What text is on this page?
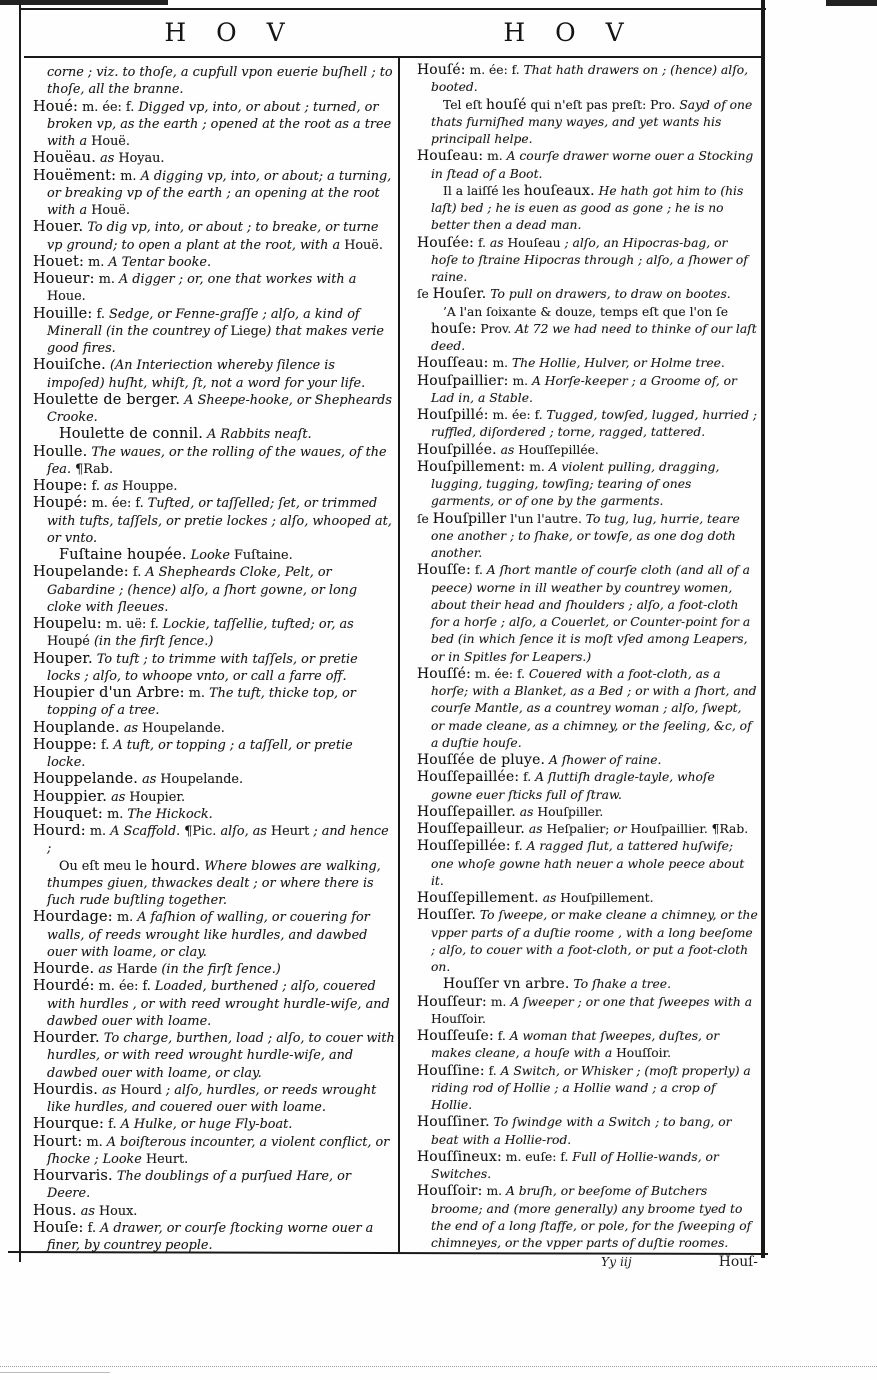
H O V	H O V
corne ; viz. to thoſe, a cupfull vpon euerie buſhell ; to thoſe, all the branne.
Houé: m. ée: f. Digged vp, into, or about ; turned, or broken vp, as the earth ; opened at the root as a tree with a Houë.
Houëau. as Hoyau.
Houëment: m. A digging vp, into, or about; a turning, or breaking vp of the earth ; an opening at the root with a Houë.
Houer. To dig vp, into, or about ; to breake, or turne vp ground; to open a plant at the root, with a Houë.
Houet: m. A Tentar booke.
Houeur: m. A digger ; or, one that workes with a Houe.
Houille: f. Sedge, or Fenne-graſſe ; alſo, a kind of Minerall (in the countrey of Liege) that makes verie good fires.
Houiſche. (An Interiection whereby ſilence is impoſed) huſht, whiſt, ſt, not a word for your life.
Houlette de berger. A Sheepe-hooke, or Shepheards Crooke.
Houlette de connil. A Rabbits neaſt.
Houlle. The waues, or the rolling of the waues, of the ſea. ¶Rab.
Houpe: f. as Houppe.
Houpé: m. ée: f. Tufted, or taſſelled; ſet, or trimmed with tufts, taſſels, or pretie lockes ; alſo, whooped at, or vnto.
Fuſtaine houpée. Looke Fuſtaine.
Houpelande: f. A Shepheards Cloke, Pelt, or Gabardine ; (hence) alſo, a ſhort gowne, or long cloke with ſleeues.
Houpelu: m. uë: f. Lockie, taſſellie, tufted; or, as Houpé (in the firſt ſence.)
Houper. To tuft ; to trimme with taſſels, or pretie locks ; alſo, to whoope vnto, or call a farre off.
Houpier d'un Arbre: m. The tuft, thicke top, or topping of a tree.
Houplande. as Houpelande.
Houppe: f. A tuft, or topping ; a taſſell, or pretie locke.
Houppelande. as Houpelande.
Houppier. as Houpier.
Houquet: m. The Hickock.
Hourd: m. A Scaffold. ¶Pic. alſo, as Heurt ; and hence ;
Ou eſt meu le hourd. Where blowes are walking, thumpes giuen, thwackes dealt ; or where there is ſuch rude buſtling together.
Hourdage: m. A faſhion of walling, or couering for walls, of reeds wrought like hurdles, and dawbed ouer with loame, or clay.
Hourde. as Harde (in the firſt ſence.)
Hourdé: m. ée: f. Loaded, burthened ; alſo, couered with hurdles , or with reed wrought hurdle-wiſe, and dawbed ouer with loame.
Hourder. To charge, burthen, load ; alſo, to couer with hurdles, or with reed wrought hurdle-wiſe, and dawbed ouer with loame, or clay.
Hourdis. as Hourd ; alſo, hurdles, or reeds wrought like hurdles, and couered ouer with loame.
Hourque: f. A Hulke, or huge Fly-boat.
Hourt: m. A boiſterous incounter, a violent conflict, or ſhocke ; Looke Heurt.
Hourvaris. The doublings of a purſued Hare, or Deere.
Hous. as Houx.
Houſe: f. A drawer, or courſe ſtocking worne ouer a finer, by countrey people.
Houſé: m. ée: f. That hath drawers on ; (hence) alſo, booted.
Tel eſt houſé qui n'eſt pas preſt: Pro. Sayd of one thats furniſhed many wayes, and yet wants his principall helpe.
Houſeau: m. A courſe drawer worne ouer a Stocking in ſtead of a Boot.
Il a laiſſé les houſeaux. He hath got him to (his laſt) bed ; he is euen as good as gone ; he is no better then a dead man.
Houſée: f. as Houſeau ; alſo, an Hipocras-bag, or hoſe to ſtraine Hipocras through ; alſo, a ſhower of raine.
ſe Houſer. To pull on drawers, to draw on bootes.
’A l'an ſoixante & douze, temps eſt que l'on ſe houſe: Prov. At 72 we had need to thinke of our laſt deed.
Houſſeau: m. The Hollie, Hulver, or Holme tree.
Houſpaillier: m. A Horſe-keeper ; a Groome of, or Lad in, a Stable.
Houſpillé: m. ée: f. Tugged, towſed, lugged, hurried ; ruffled, diſordered ; torne, ragged, tattered.
Houſpillée. as Houſſepillée.
Houſpillement: m. A violent pulling, dragging, lugging, tugging, towſing; tearing of ones garments, or of one by the garments.
ſe Houſpiller l'un l'autre. To tug, lug, hurrie, teare one another ; to ſhake, or towſe, as one dog doth another.
Houſſe: f. A ſhort mantle of courſe cloth (and all of a peece) worne in ill weather by countrey women, about their head and ſhoulders ; alſo, a foot-cloth for a horſe ; alſo, a Couerlet, or Counter-point for a bed (in which ſence it is moſt vſed among Leapers, or in Spitles for Leapers.)
Houſſé: m. ée: f. Couered with a foot-cloth, as a horſe; with a Blanket, as a Bed ; or with a ſhort, and courſe Mantle, as a countrey woman ; alſo, ſwept, or made cleane, as a chimney, or the ſeeling, &c, of a duſtie houſe.
Houſſée de pluye. A ſhower of raine.
Houſſepaillée: f. A ſluttiſh dragle-tayle, whoſe gowne euer ſticks full of ſtraw.
Houſſepailler. as Houſpiller.
Houſſepailleur. as Heſpalier; or Houſpaillier. ¶Rab.
Houſſepillée: f. A ragged ſlut, a tattered huſwife; one whoſe gowne hath neuer a whole peece about it.
Houſſepillement. as Houſpillement.
Houſſer. To ſweepe, or make cleane a chimney, or the vpper parts of a duſtie roome , with a long beeſome ; alſo, to couer with a foot-cloth, or put a foot-cloth on.
Houſſer vn arbre. To ſhake a tree.
Houſſeur: m. A ſweeper ; or one that ſweepes with a Houſſoir.
Houſſeuſe: f. A woman that ſweepes, duſtes, or makes cleane, a houſe with a Houſſoir.
Houſſine: f. A Switch, or Whisker ; (moſt properly) a riding rod of Hollie ; a Hollie wand ; a crop of Hollie.
Houſſiner. To ſwindge with a Switch ; to bang, or beat with a Hollie-rod.
Houſſineux: m. euſe: f. Full of Hollie-wands, or Switches.
Houſſoir: m. A bruſh, or beeſome of Butchers broome; and (more generally) any broome tyed to the end of a long ſtaffe, or pole, for the ſweeping of chimneyes, or the vpper parts of duſtie roomes.
Yy iij	Houſ-
